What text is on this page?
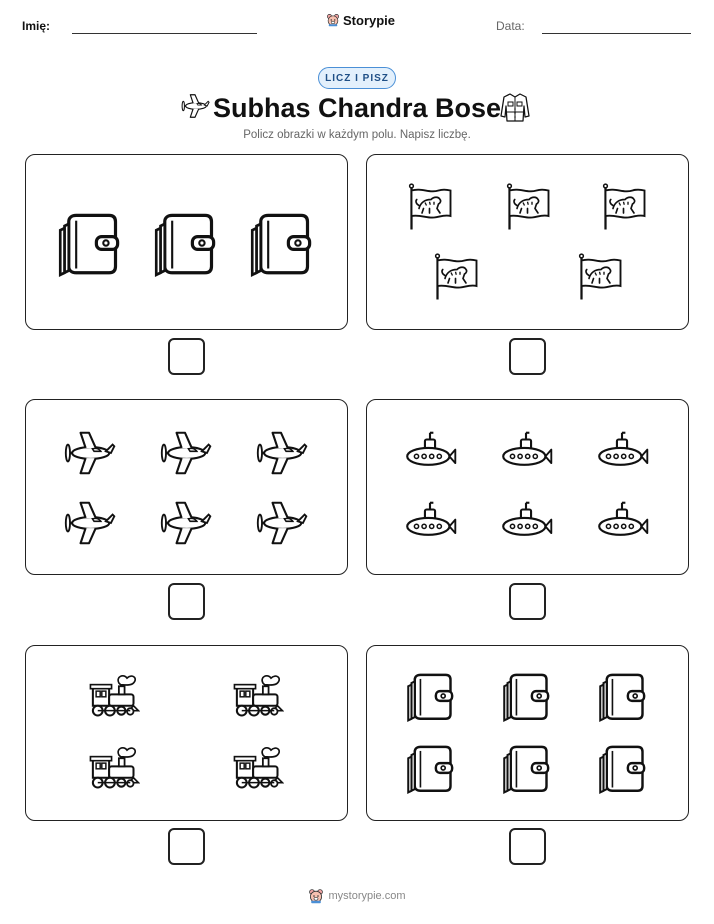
Imię:	Storypie	Data:
LICZ I PISZ
Subhas Chandra Bose
Policz obrazki w każdym polu. Napisz liczbę.
mystorypie.com
